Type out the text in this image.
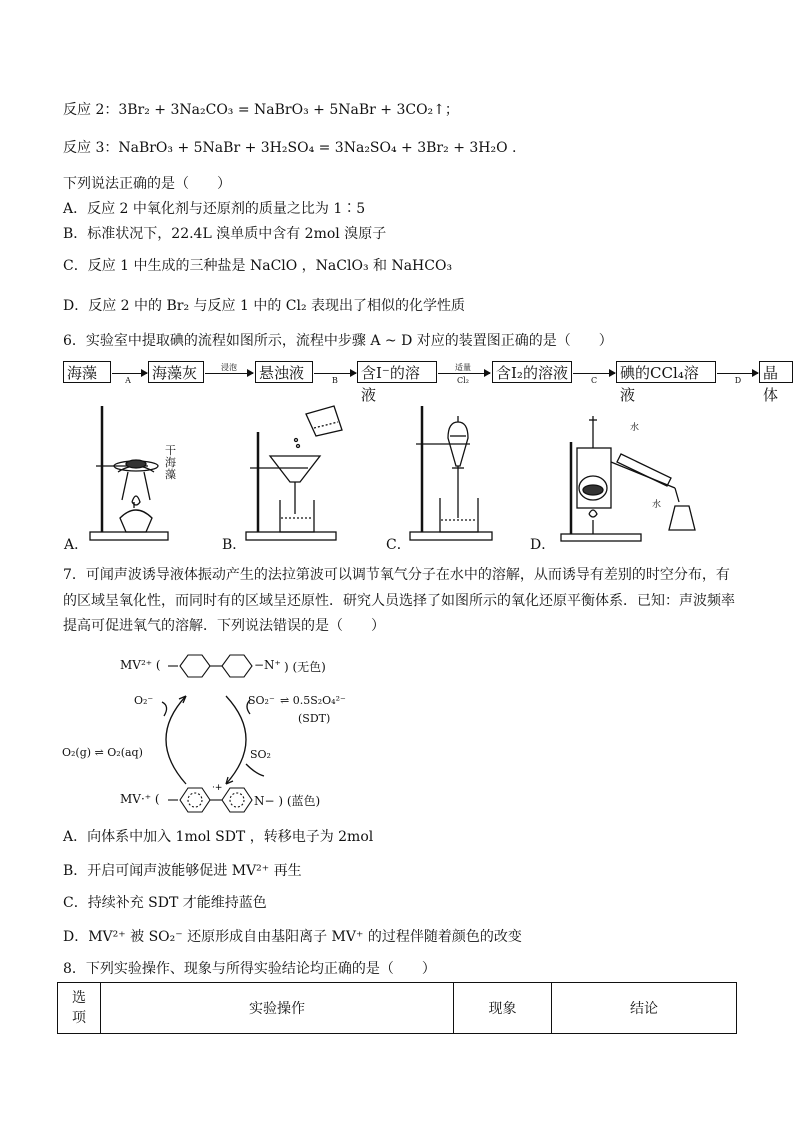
反应 2：3Br₂ + 3Na₂CO₃ = NaBrO₃ + 5NaBr + 3CO₂↑；
反应 3：NaBrO₃ + 5NaBr + 3H₂SO₄ = 3Na₂SO₄ + 3Br₂ + 3H₂O .
下列说法正确的是（　　）
A．反应 2 中氧化剂与还原剂的质量之比为 1∶5
B．标准状况下，22.4L 溴单质中含有 2mol 溴原子
C．反应 1 中生成的三种盐是 NaClO ，NaClO₃ 和 NaHCO₃
D．反应 2 中的 Br₂ 与反应 1 中的 Cl₂ 表现出了相似的化学性质
6．实验室中提取碘的流程如图所示，流程中步骤 A ~ D 对应的装置图正确的是（　　）
海藻	A 海藻灰	浸泡 悬浊液	B 含I⁻的溶液
适量
Cl₂	含I₂的溶液	C 碘的CCl₄溶液
D 晶体
干
海
藻
A．	B．	C．
水
水
D．
7．可闻声波诱导液体振动产生的法拉第波可以调节氧气分子在水中的溶解，从而诱导有差别的时空分布，有
的区域呈氧化性，而同时有的区域呈还原性．研究人员选择了如图所示的氧化还原平衡体系．已知：声波频率
提高可促进氧气的溶解．下列说法错误的是（　　）
MV²⁺ (	−N⁺ ) (无色)
O₂⁻	SO₂⁻ ⇌ 0.5S₂O₄²⁻
(SDT)
O₂(g) ⇌ O₂(aq)	SO₂
MV·⁺ (
·+
N− ) (蓝色)
A．向体系中加入 1mol SDT ，转移电子为 2mol
B．开启可闻声波能够促进 MV²⁺ 再生
C．持续补充 SDT 才能维持蓝色
D．MV²⁺ 被 SO₂⁻ 还原形成自由基阳离子 MV⁺ 的过程伴随着颜色的改变
8．下列实验操作、现象与所得实验结论均正确的是（　　）
选
项	实验操作	现象	结论
